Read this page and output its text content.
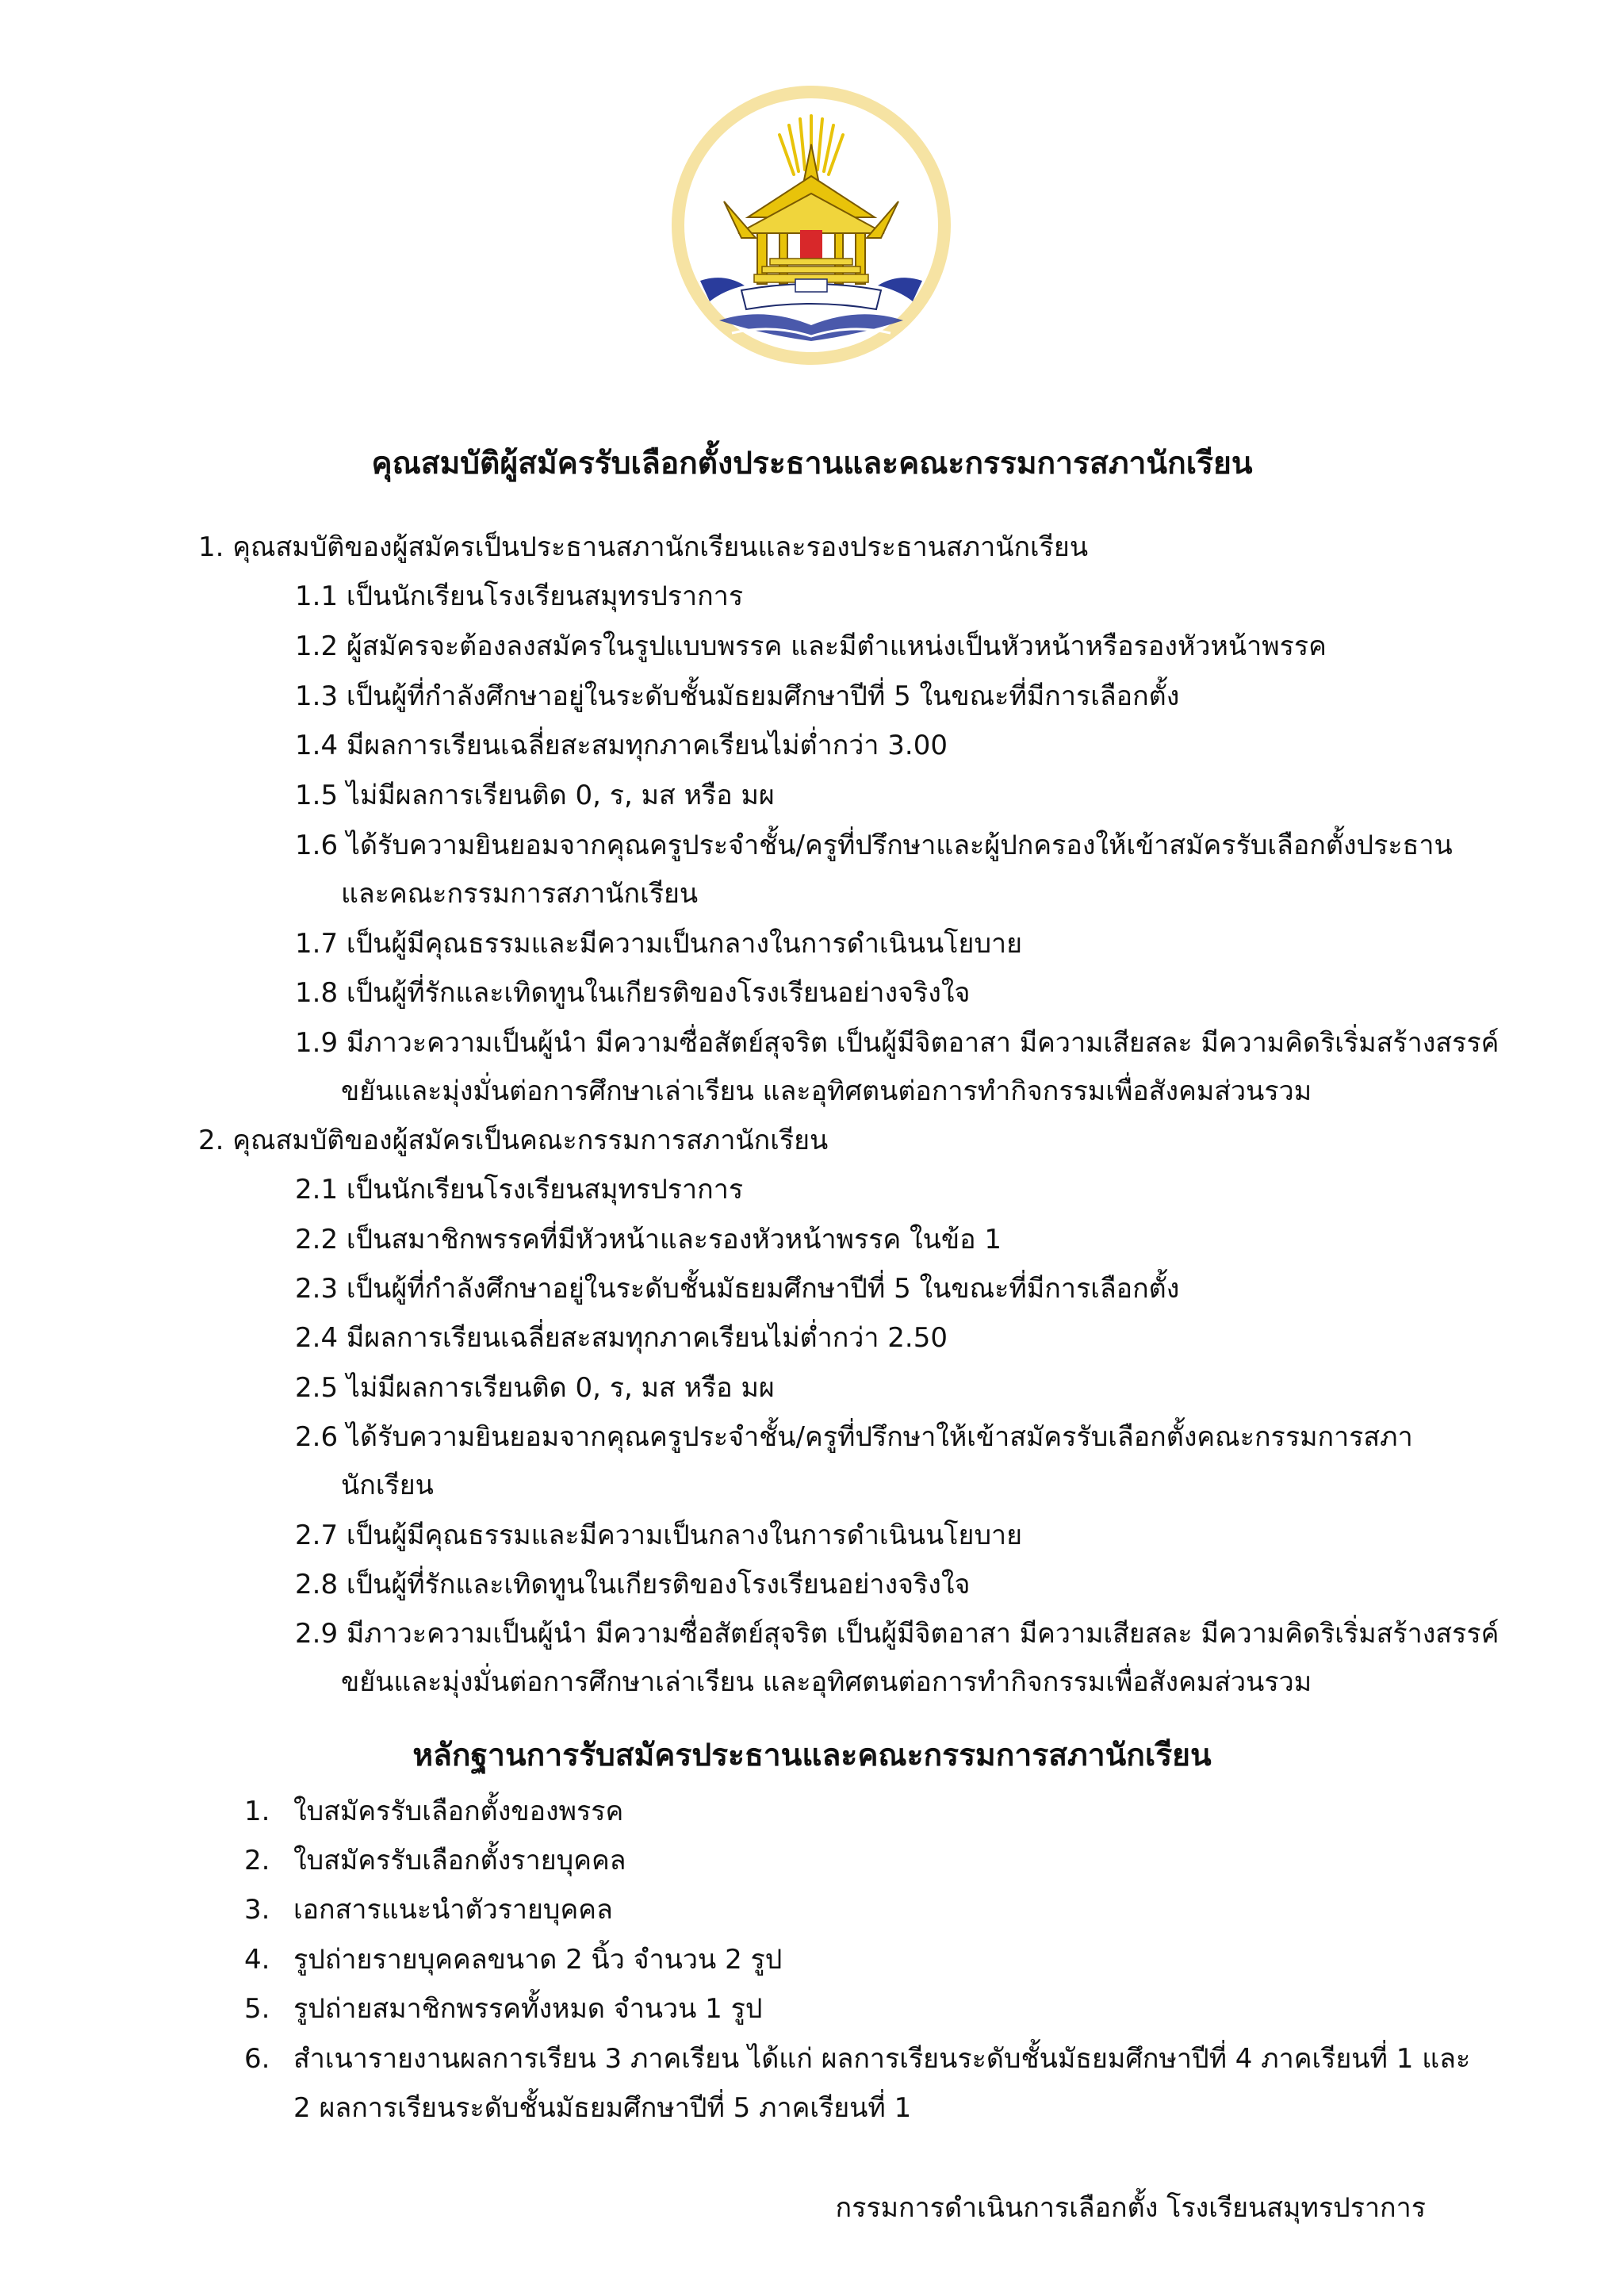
คุณสมบัติผู้สมัครรับเลือกตั้งประธานและคณะกรรมการสภานักเรียน
1. คุณสมบัติของผู้สมัครเป็นประธานสภานักเรียนและรองประธานสภานักเรียน
1.1 เป็นนักเรียนโรงเรียนสมุทรปราการ
1.2 ผู้สมัครจะต้องลงสมัครในรูปแบบพรรค และมีตำแหน่งเป็นหัวหน้าหรือรองหัวหน้าพรรค
1.3 เป็นผู้ที่กำลังศึกษาอยู่ในระดับชั้นมัธยมศึกษาปีที่ 5 ในขณะที่มีการเลือกตั้ง
1.4 มีผลการเรียนเฉลี่ยสะสมทุกภาคเรียนไม่ต่ำกว่า 3.00
1.5 ไม่มีผลการเรียนติด 0, ร, มส หรือ มผ
1.6 ได้รับความยินยอมจากคุณครูประจำชั้น/ครูที่ปรึกษาและผู้ปกครองให้เข้าสมัครรับเลือกตั้งประธาน
และคณะกรรมการสภานักเรียน
1.7 เป็นผู้มีคุณธรรมและมีความเป็นกลางในการดำเนินนโยบาย
1.8 เป็นผู้ที่รักและเทิดทูนในเกียรติของโรงเรียนอย่างจริงใจ
1.9 มีภาวะความเป็นผู้นำ มีความซื่อสัตย์สุจริต เป็นผู้มีจิตอาสา มีความเสียสละ มีความคิดริเริ่มสร้างสรรค์
ขยันและมุ่งมั่นต่อการศึกษาเล่าเรียน และอุทิศตนต่อการทำกิจกรรมเพื่อสังคมส่วนรวม
2. คุณสมบัติของผู้สมัครเป็นคณะกรรมการสภานักเรียน
2.1 เป็นนักเรียนโรงเรียนสมุทรปราการ
2.2 เป็นสมาชิกพรรคที่มีหัวหน้าและรองหัวหน้าพรรค ในข้อ 1
2.3 เป็นผู้ที่กำลังศึกษาอยู่ในระดับชั้นมัธยมศึกษาปีที่ 5 ในขณะที่มีการเลือกตั้ง
2.4 มีผลการเรียนเฉลี่ยสะสมทุกภาคเรียนไม่ต่ำกว่า 2.50
2.5 ไม่มีผลการเรียนติด 0, ร, มส หรือ มผ
2.6 ได้รับความยินยอมจากคุณครูประจำชั้น/ครูที่ปรึกษาให้เข้าสมัครรับเลือกตั้งคณะกรรมการสภา
นักเรียน
2.7 เป็นผู้มีคุณธรรมและมีความเป็นกลางในการดำเนินนโยบาย
2.8 เป็นผู้ที่รักและเทิดทูนในเกียรติของโรงเรียนอย่างจริงใจ
2.9 มีภาวะความเป็นผู้นำ มีความซื่อสัตย์สุจริต เป็นผู้มีจิตอาสา มีความเสียสละ มีความคิดริเริ่มสร้างสรรค์
ขยันและมุ่งมั่นต่อการศึกษาเล่าเรียน และอุทิศตนต่อการทำกิจกรรมเพื่อสังคมส่วนรวม
หลักฐานการรับสมัครประธานและคณะกรรมการสภานักเรียน
1. ใบสมัครรับเลือกตั้งของพรรค
2. ใบสมัครรับเลือกตั้งรายบุคคล
3. เอกสารแนะนำตัวรายบุคคล
4. รูปถ่ายรายบุคคลขนาด 2 นิ้ว จำนวน 2 รูป
5. รูปถ่ายสมาชิกพรรคทั้งหมด จำนวน 1 รูป
6. สำเนารายงานผลการเรียน 3 ภาคเรียน ได้แก่ ผลการเรียนระดับชั้นมัธยมศึกษาปีที่ 4 ภาคเรียนที่ 1 และ
2 ผลการเรียนระดับชั้นมัธยมศึกษาปีที่ 5 ภาคเรียนที่ 1
กรรมการดำเนินการเลือกตั้ง โรงเรียนสมุทรปราการ
